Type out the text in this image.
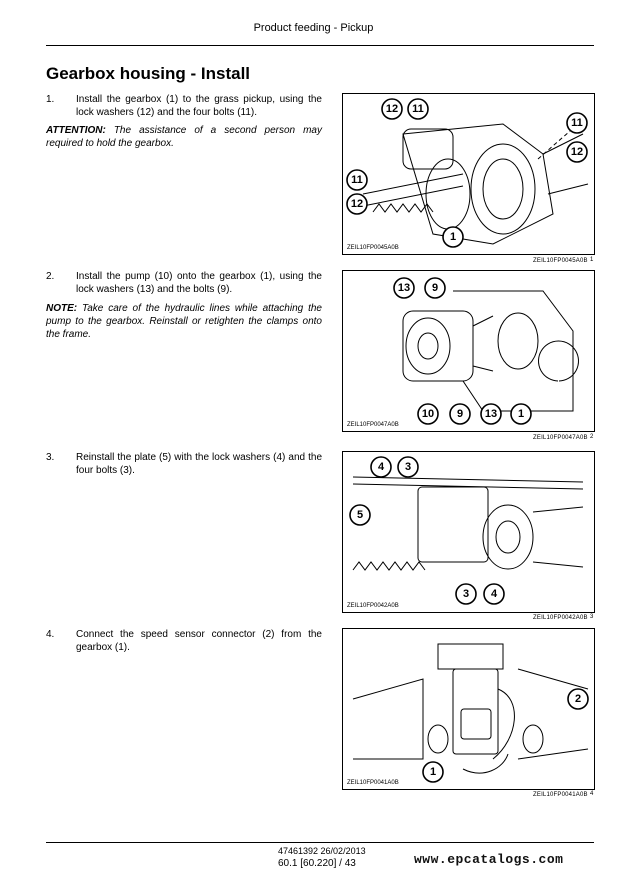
Product feeding - Pickup
Gearbox housing - Install
1. Install the gearbox (1) to the grass pickup, using the lock washers (12) and the four bolts (11).
ATTENTION: The assistance of a second person may required to hold the gearbox.
12 11
11
12
11
12
1
ZEIL10FP0045A0B
ZEIL10FP0045A0B 1
2. Install the pump (10) onto the gearbox (1), using the lock washers (13) and the bolts (9).
NOTE: Take care of the hydraulic lines while attaching the pump to the gearbox. Reinstall or retighten the clamps onto the frame.
13 9
10 9 13 1
ZEIL10FP0047A0B
ZEIL10FP0047A0B 2
3. Reinstall the plate (5) with the lock washers (4) and the four bolts (3).	4 3
5
3 4
ZEIL10FP0042A0B
ZEIL10FP0042A0B 3
4. Connect the speed sensor connector (2) from the gearbox (1).
2
1
ZEIL10FP0041A0B
ZEIL10FP0041A0B 4
47461392 26/02/2013
60.1 [60.220] / 43	www.epcatalogs.com
